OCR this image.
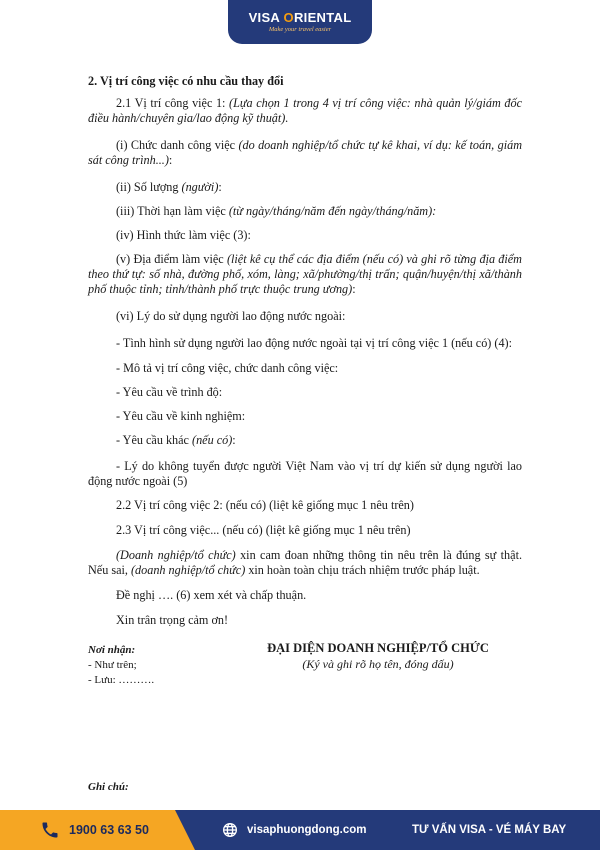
VISA ORIENTAL
Make your travel easier

2. Vị trí công việc có nhu cầu thay đổi

2.1 Vị trí công việc 1: (Lựa chọn 1 trong 4 vị trí công việc: nhà quản lý/giám đốc điều hành/chuyên gia/lao động kỹ thuật).

(i) Chức danh công việc (do doanh nghiệp/tổ chức tự kê khai, ví dụ: kế toán, giám sát công trình...):

(ii) Số lượng (người):

(iii) Thời hạn làm việc (từ ngày/tháng/năm đến ngày/tháng/năm):

(iv) Hình thức làm việc (3):

(v) Địa điểm làm việc (liệt kê cụ thể các địa điểm (nếu có) và ghi rõ từng địa điểm theo thứ tự: số nhà, đường phố, xóm, làng; xã/phường/thị trấn; quận/huyện/thị xã/thành phố thuộc tỉnh; tỉnh/thành phố trực thuộc trung ương):

(vi) Lý do sử dụng người lao động nước ngoài:

- Tình hình sử dụng người lao động nước ngoài tại vị trí công việc 1 (nếu có) (4):

- Mô tả vị trí công việc, chức danh công việc:

- Yêu cầu về trình độ:

- Yêu cầu về kinh nghiệm:

- Yêu cầu khác (nếu có):

- Lý do không tuyển được người Việt Nam vào vị trí dự kiến sử dụng người lao động nước ngoài (5)

2.2 Vị trí công việc 2: (nếu có) (liệt kê giống mục 1 nêu trên)

2.3 Vị trí công việc... (nếu có) (liệt kê giống mục 1 nêu trên)

(Doanh nghiệp/tổ chức) xin cam đoan những thông tin nêu trên là đúng sự thật. Nếu sai, (doanh nghiệp/tổ chức) xin hoàn toàn chịu trách nhiệm trước pháp luật.

Đề nghị …. (6) xem xét và chấp thuận.

Xin trân trọng cảm ơn!

Nơi nhận:
- Như trên;
- Lưu: ……….
ĐẠI DIỆN DOANH NGHIỆP/TỔ CHỨC
(Ký và ghi rõ họ tên, đóng dấu)
Ghi chú:
1900 63 63 50	visaphuongdong.com	TƯ VẤN VISA - VÉ MÁY BAY
